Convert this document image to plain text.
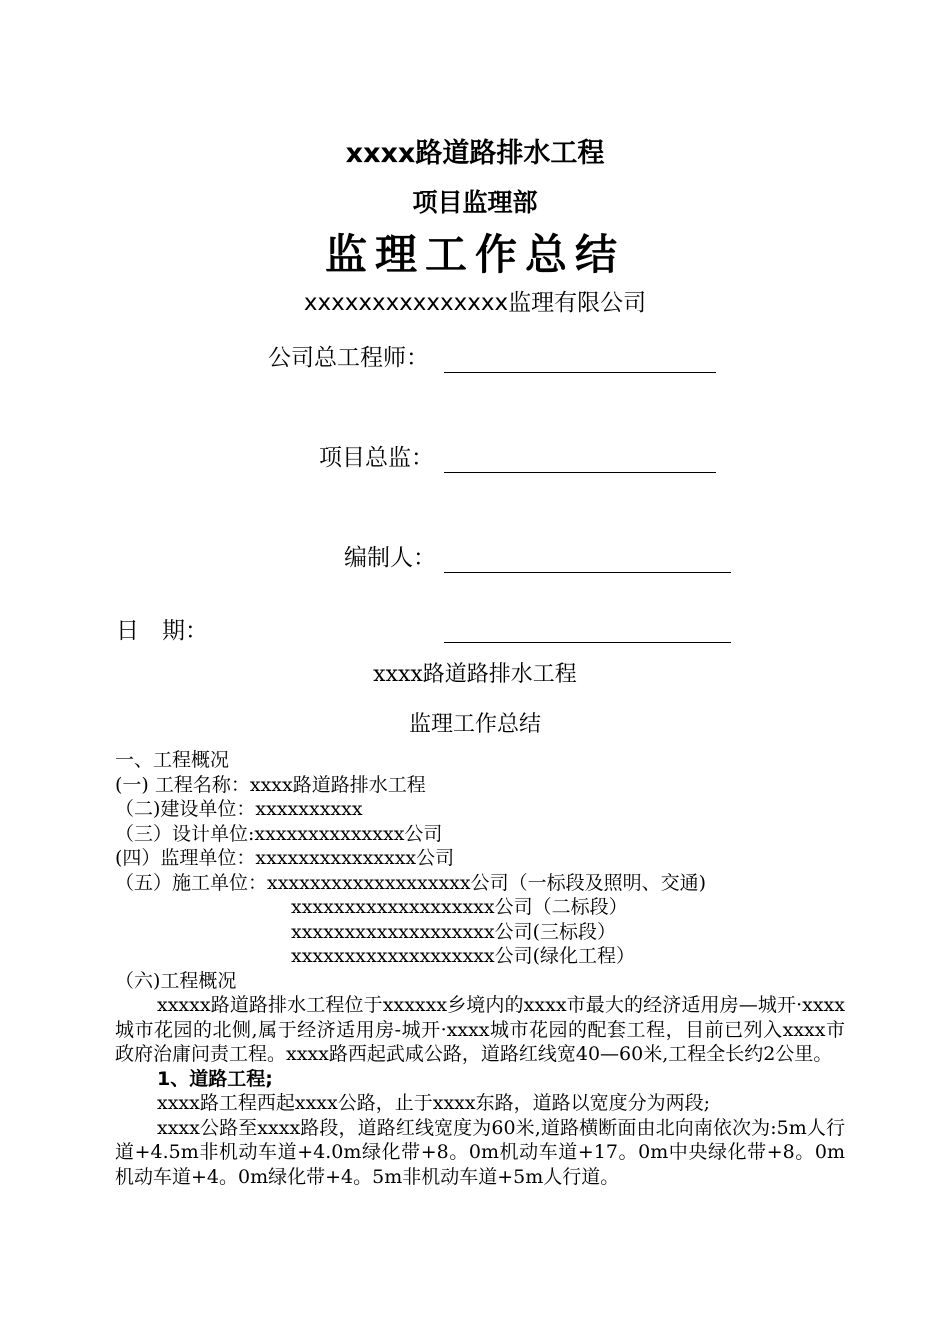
xxxx路道路排水工程
项目监理部
监理工作总结
xxxxxxxxxxxxxxx监理有限公司
公司总工程师：
项目总监：
编制人：
日　期：
xxxx路道路排水工程
监理工作总结
一、工程概况
(一) 工程名称：xxxx路道路排水工程
（二)建设单位：xxxxxxxxxx
（三）设计单位:xxxxxxxxxxxxxx公司
(四）监理单位：xxxxxxxxxxxxxxx公司
（五）施工单位：xxxxxxxxxxxxxxxxxxx公司（一标段及照明、交通)
xxxxxxxxxxxxxxxxxxx公司（二标段）
xxxxxxxxxxxxxxxxxxx公司(三标段）
xxxxxxxxxxxxxxxxxxx公司(绿化工程）
（六)工程概况
xxxxx路道路排水工程位于xxxxxx乡境内的xxxx市最大的经济适用房—城开·xxxx城市花园的北侧,属于经济适用房-城开·xxxx城市花园的配套工程，目前已列入xxxx市政府治庸问责工程。xxxx路西起武咸公路，道路红线宽40—60米,工程全长约2公里。
1、道路工程;
xxxx路工程西起xxxx公路，止于xxxx东路，道路以宽度分为两段;
xxxx公路至xxxx路段，道路红线宽度为60米,道路横断面由北向南依次为:5m人行道+4.5m非机动车道+4.0m绿化带+8。0m机动车道+17。0m中央绿化带+8。0m机动车道+4。0m绿化带+4。5m非机动车道+5m人行道。
